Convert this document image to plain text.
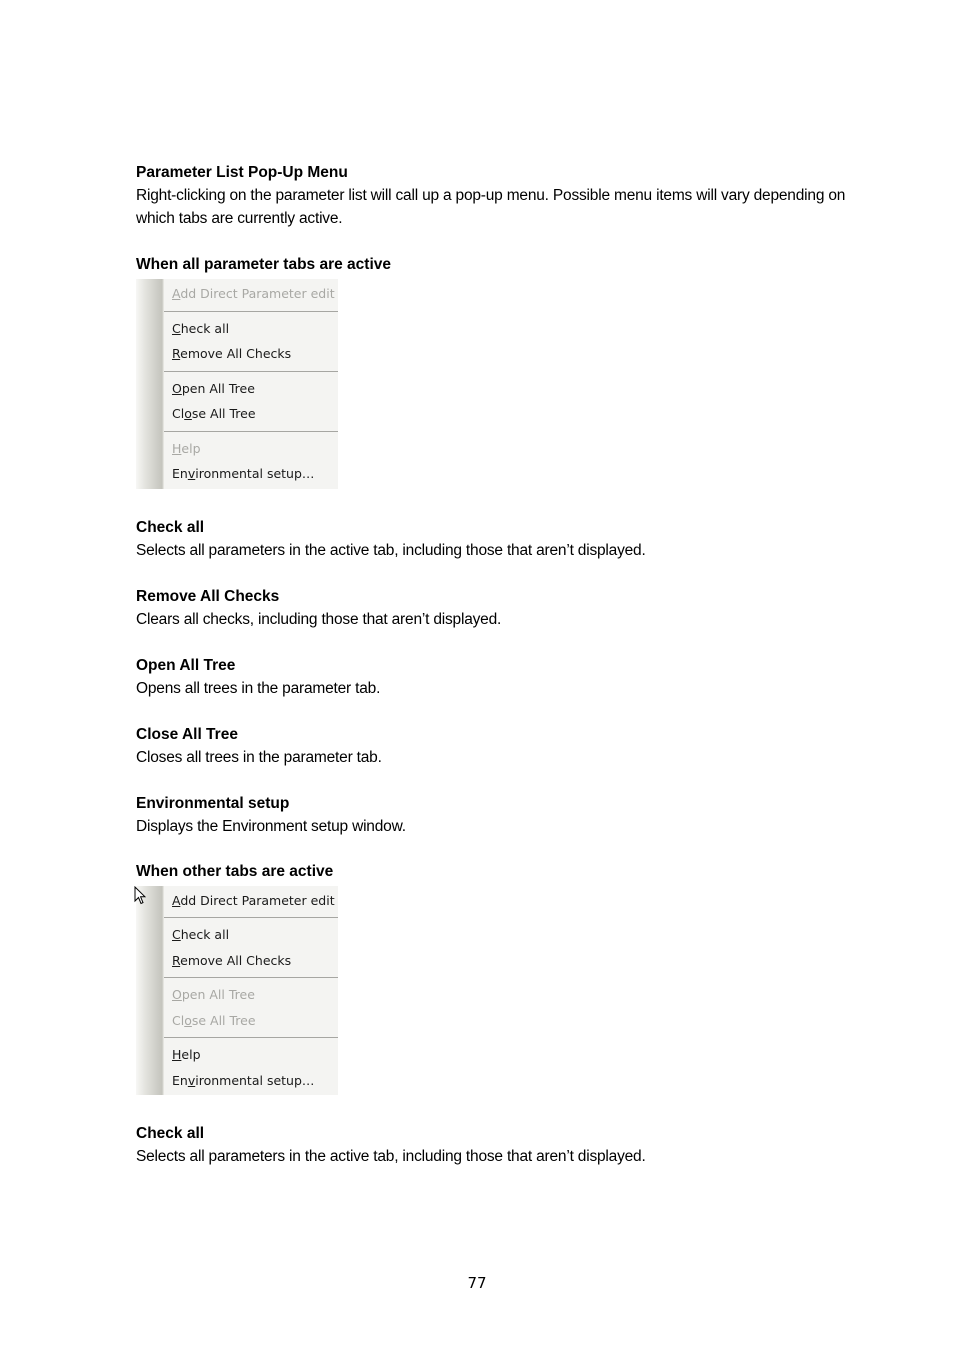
Parameter List Pop-Up Menu

Right-clicking on the parameter list will call up a pop-up menu. Possible menu items will vary depending on which tabs are currently active.

When all parameter tabs are active

Add Direct Parameter edit
Check all
Remove All Checks
Open All Tree
Close All Tree
Help
Environmental setup…

Check all

Selects all parameters in the active tab, including those that aren’t displayed.

Remove All Checks

Clears all checks, including those that aren’t displayed.

Open All Tree

Opens all trees in the parameter tab.

Close All Tree

Closes all trees in the parameter tab.

Environmental setup

Displays the Environment setup window.

When other tabs are active

Add Direct Parameter edit
Check all
Remove All Checks
Open All Tree
Close All Tree
Help
Environmental setup…

Check all

Selects all parameters in the active tab, including those that aren’t displayed.

77
